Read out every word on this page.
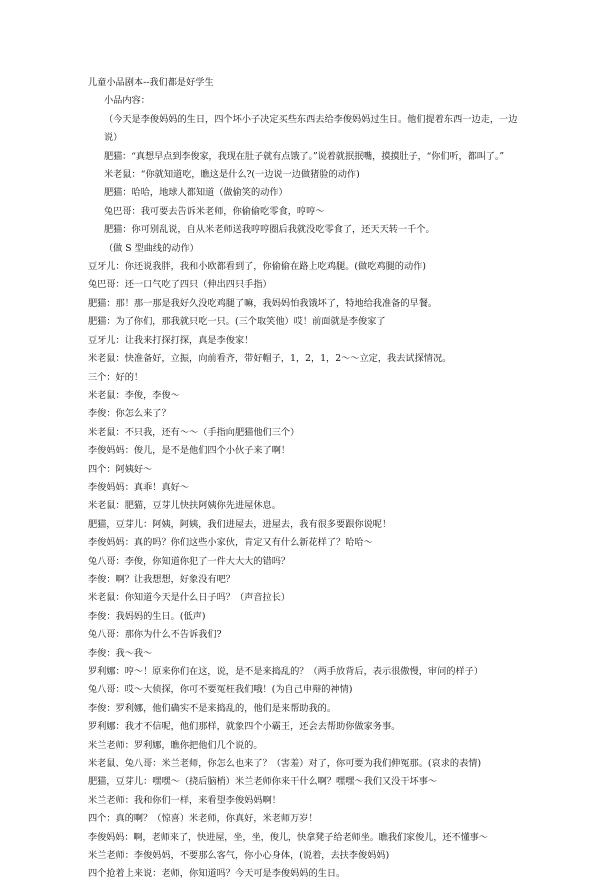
儿童小品剧本--我们都是好学生
小品内容：
（今天是李俊妈妈的生日，四个坏小子决定买些东西去给李俊妈妈过生日。他们提着东西一边走，一边说）
肥猫：“真想早点到李俊家，我现在肚子就有点饿了。”说着就抿抿嘴，摸摸肚子，“你们听，都叫了。”
米老鼠：“你就知道吃，瞧这是什么?(一边说一边做猪脸的动作)
肥猫：哈哈，地球人都知道（做偷笑的动作）
兔巴哥：我可要去告诉米老师，你偷偷吃零食，哼哼～
肥猫：你可别乱说，自从米老师送我哼哼圈后我就没吃零食了，还天天转一千个。
（做 S 型曲线的动作）
豆牙儿：你还说我胖，我和小欧都看到了，你偷偷在路上吃鸡腿。(做吃鸡腿的动作)
兔巴哥：还一口气吃了四只（伸出四只手指）
肥猫：那！那一那是我好久没吃鸡腿了嘛，我妈妈怕我饿坏了，特地给我准备的早餐。
肥猫：为了你们，那我就只吃一只。(三个取笑他）哎！前面就是李俊家了
豆牙儿：让我来打探打探，真是李俊家！
米老鼠：快准备好，立振，向前看齐，带好帽子，1，2，1，2～～立定，我去试探情况。
三个：好的！
米老鼠：李俊，李俊～
李俊：你怎么来了？
米老鼠：不只我，还有～～（手指向肥猫他们三个）
李俊妈妈：俊儿，是不是他们四个小伙子来了啊！
四个：阿姨好～
李俊妈妈：真乖！真好～
米老鼠：肥猫，豆芽儿快扶阿姨你先进屋休息。
肥猫，豆芽儿：阿姨，阿姨，我们进屋去，进屋去，我有很多要跟你说呢！
李俊妈妈：真的吗？你们这些小家伙，肯定又有什么新花样了？哈哈～
兔八哥：李俊，你知道你犯了一件大大大的错吗？
李俊：啊？让我想想，好象没有吧？
米老鼠：你知道今天是什么日子吗？（声音拉长）
李俊：我妈妈的生日。(低声)
兔八哥：那你为什么不告诉我们?
李俊：我～我～
罗利娜：哼～！原来你们在这，说，是不是来捣乱的？（两手放背后，表示很傲慢，审问的样子）
兔八哥：哎～大侦探，你可不要冤枉我们哦！(为自己申辩的神情)
李俊：罗利娜，他们确实不是来捣乱的，他们是来帮助我的。
罗利娜：我才不信呢，他们那样，就象四个小霸王，还会去帮助你做家务事。
米兰老师：罗利娜，瞧你把他们几个说的。
米老鼠、兔八哥：米兰老师，你怎么也来了？（害羞）对了，你可要为我们伸冤那。(哀求的表情)
肥猫，豆芽儿：嘿嘿～（挠后脑梢）米兰老师你来干什么啊？嘿嘿～我们又没干坏事～
米兰老师：我和你们一样，来看望李俊妈妈啊！
四个：真的啊？（惊喜）米老师，你真好，米老师万岁！
李俊妈妈：啊，老师来了，快进屋，坐，坐，俊儿，快拿凳子给老师坐。瞧我们家俊儿，还不懂事～
米兰老师：李俊妈妈，不要那么客气，你小心身体，(说着，去扶李俊妈妈)
四个抢着上来说：老师，你知道吗？今天可是李俊妈妈的生日。
